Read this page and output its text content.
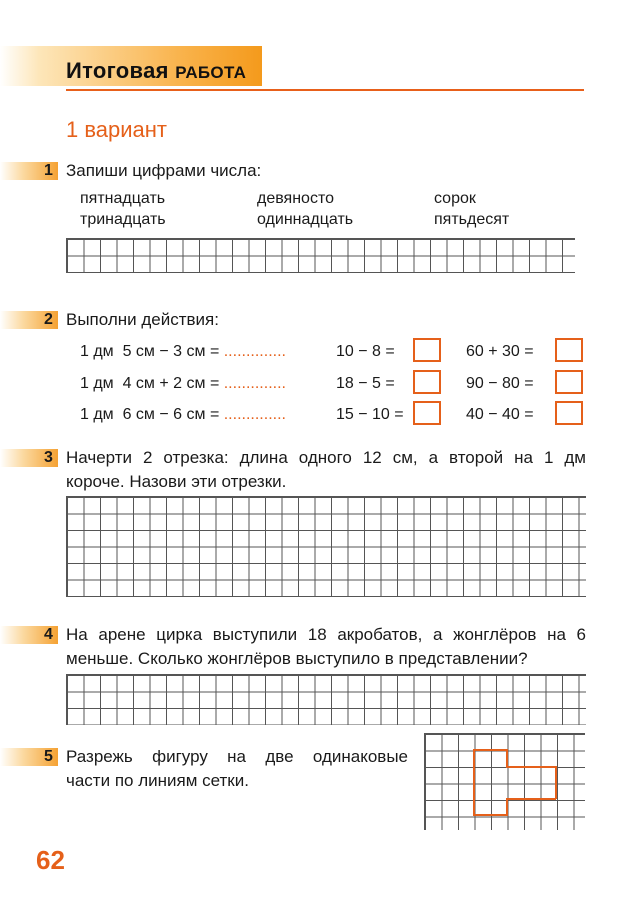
Итоговая РАБОТА
1 вариант
1 Запиши цифрами числа:
пятнадцать	девяносто	сорок
тринадцать	одиннадцать	пятьдесят
2 Выполни действия:
1 дм  5 см − 3 см = ..............	10 − 8 =	60 + 30 =
1 дм  4 см + 2 см = ..............	18 − 5 =	90 − 80 =
1 дм  6 см − 6 см = ..............	15 − 10 =	40 − 40 =
3 Начерти 2 отрезка: длина одного 12 см, а второй на 1 дм
короче. Назови эти отрезки.
4 На арене цирка выступили 18 акробатов, а жонглёров на 6
меньше. Сколько жонглёров выступило в представлении?
5 Разрежь фигуру на две одинаковые
части по линиям сетки.
62
